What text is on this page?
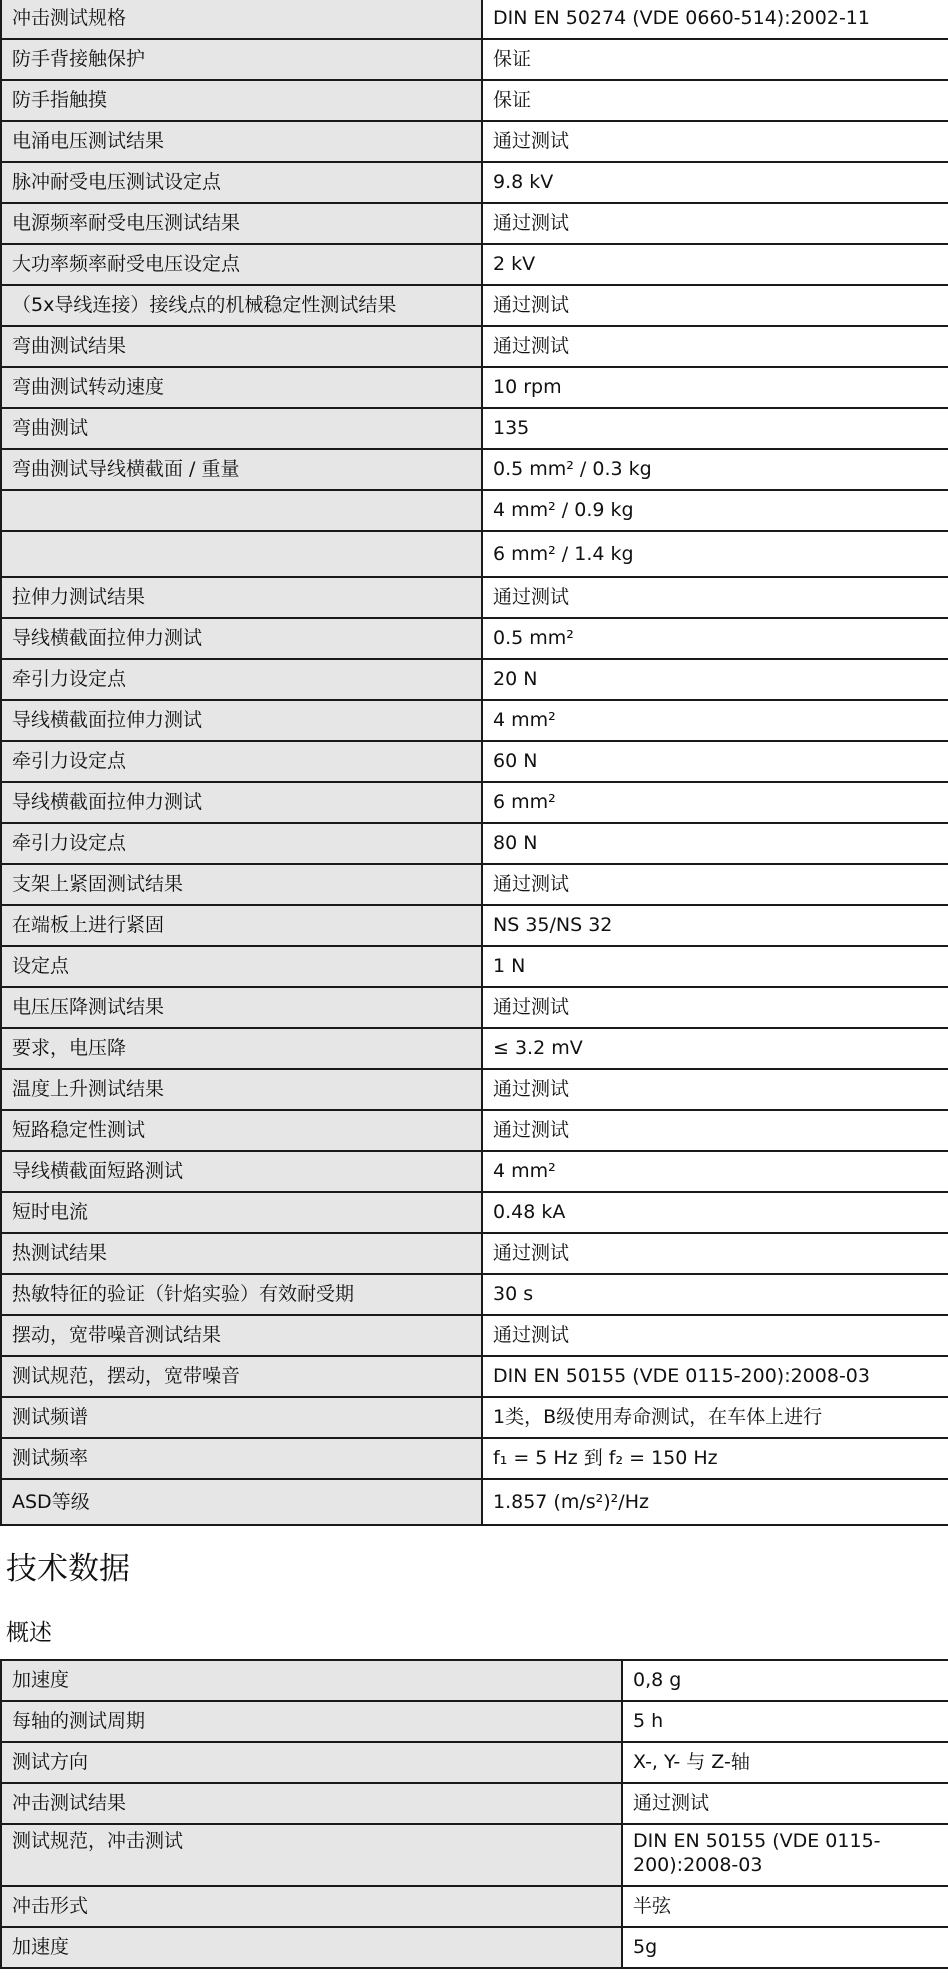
冲击测试规格	DIN EN 50274 (VDE 0660-514):2002-11
防手背接触保护	保证
防手指触摸	保证
电涌电压测试结果	通过测试
脉冲耐受电压测试设定点	9.8 kV
电源频率耐受电压测试结果	通过测试
大功率频率耐受电压设定点	2 kV
（5x导线连接）接线点的机械稳定性测试结果	通过测试
弯曲测试结果	通过测试
弯曲测试转动速度	10 rpm
弯曲测试	135
弯曲测试导线横截面 / 重量	0.5 mm² / 0.3 kg
	4 mm² / 0.9 kg
	6 mm² / 1.4 kg
拉伸力测试结果	通过测试
导线横截面拉伸力测试	0.5 mm²
牵引力设定点	20 N
导线横截面拉伸力测试	4 mm²
牵引力设定点	60 N
导线横截面拉伸力测试	6 mm²
牵引力设定点	80 N
支架上紧固测试结果	通过测试
在端板上进行紧固	NS 35/NS 32
设定点	1 N
电压压降测试结果	通过测试
要求，电压降	≤ 3.2 mV
温度上升测试结果	通过测试
短路稳定性测试	通过测试
导线横截面短路测试	4 mm²
短时电流	0.48 kA
热测试结果	通过测试
热敏特征的验证（针焰实验）有效耐受期	30 s
摆动，宽带噪音测试结果	通过测试
测试规范，摆动，宽带噪音	DIN EN 50155 (VDE 0115-200):2008-03
测试频谱	1类，B级使用寿命测试，在车体上进行
测试频率	f₁ = 5 Hz 到 f₂ = 150 Hz
ASD等级	1.857 (m/s²)²/Hz
技术数据
概述
加速度	0,8 g
每轴的测试周期	5 h
测试方向	X-, Y- 与 Z-轴
冲击测试结果	通过测试
测试规范，冲击测试	DIN EN 50155 (VDE 0115-200):2008-03
冲击形式	半弦
加速度	5g
